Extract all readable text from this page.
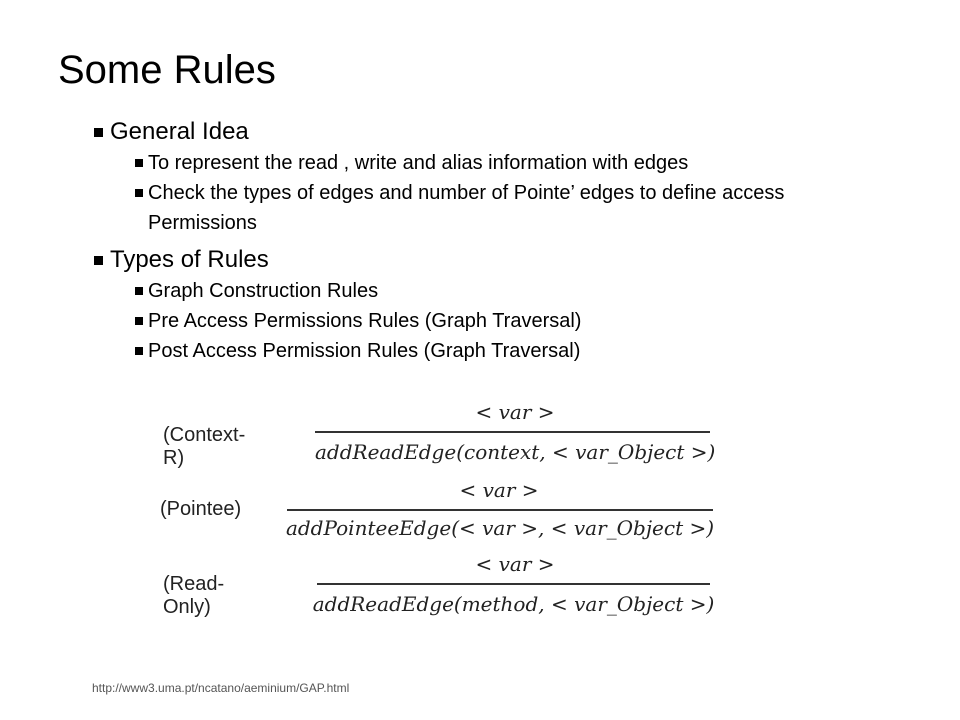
Some Rules
General Idea
To represent the read , write and alias information with edges
Check the types of edges and number of Pointe’ edges to define access Permissions
Types of Rules
Graph Construction Rules
Pre Access Permissions Rules (Graph Traversal)
Post Access Permission Rules (Graph Traversal)
(Context-R)
< var >
addReadEdge(context, < var_Object >)
(Pointee)
< var >
addPointeeEdge(< var >, < var_Object >)
(Read-Only)
< var >
addReadEdge(method, < var_Object >)
http://www3.uma.pt/ncatano/aeminium/GAP.html
